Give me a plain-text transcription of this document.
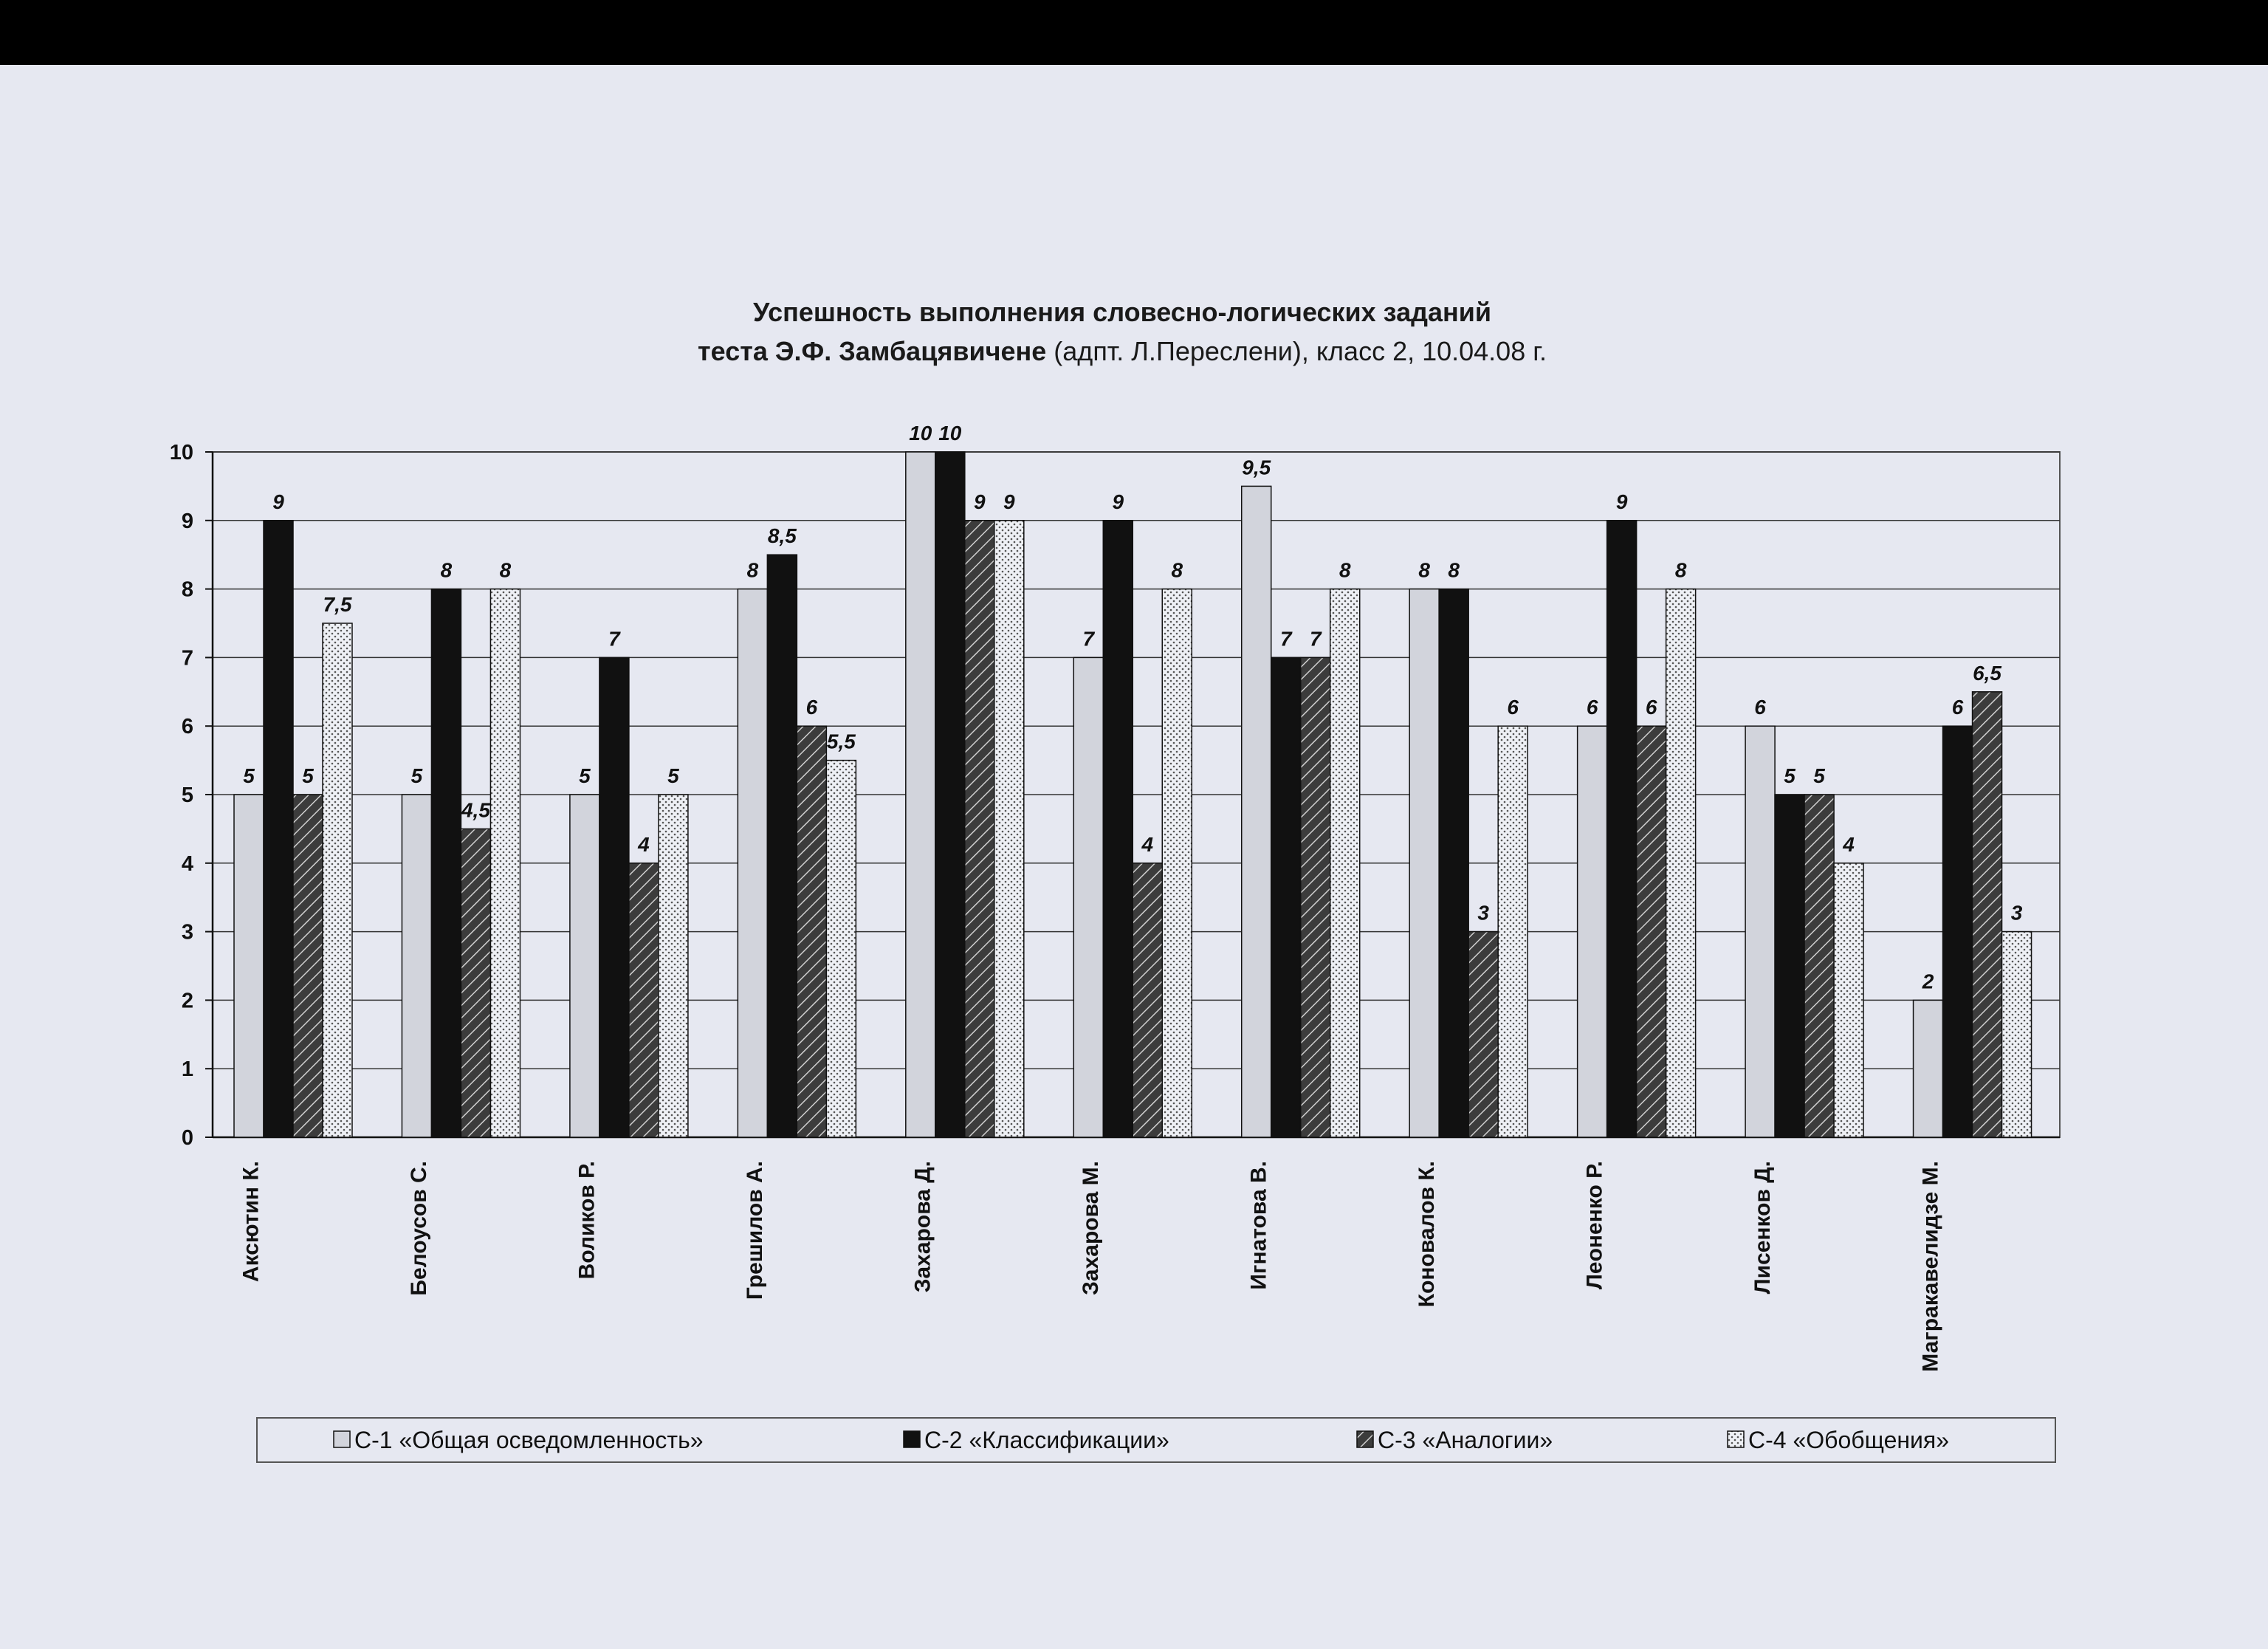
Успешность выполнения словесно-логических заданий
теста Э.Ф. Замбацявичене (адпт. Л.Переслени), класс 2, 10.04.08 г.
0
1
2
3
4
5
6
7
8
9
10
5
9
5
7,5
5
8
4,5
8
5
7
4
5
8
8,5
6
5,5
10 10
9 9
7
9
4
8
9,5
7 7
8	8 8
3
6	6
9
6
8
6
5 5
4
2
6
6,5
3
Аксютин К.	Белоусов С.	Воликов Р.	Грешилов А.	Захарова Д.	Захарова М.	Игнатова В.	Коновалов К.	Леоненко Р.	Лисенков Д.	Магракавелидзе М.
С-1 «Общая осведомленность»	С-2 «Классификации»	С-3 «Аналогии»	С-4 «Обобщения»
